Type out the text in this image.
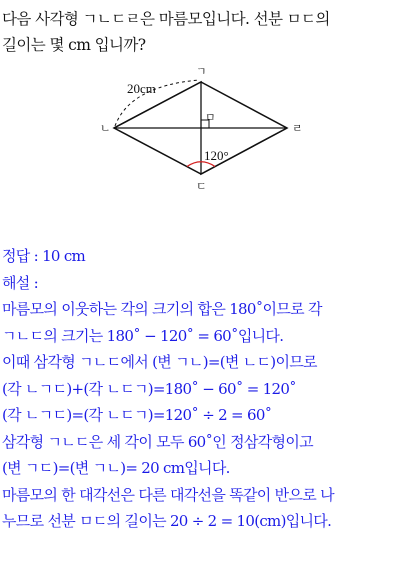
다음 사각형 ㄱㄴㄷㄹ은 마름모입니다. 선분 ㅁㄷ의

길이는 몇 cm 입니까?

ㄱ
ㄴ	ㄹ
ㄷ
ㅁ
20cm
120°

정답 : 10 cm

해설 :

마름모의 이웃하는 각의 크기의 합은 180˚이므로 각

ㄱㄴㄷ의 크기는 180˚ − 120˚ = 60˚입니다.

이때 삼각형 ㄱㄴㄷ에서 (변 ㄱㄴ)=(변 ㄴㄷ)이므로

(각 ㄴㄱㄷ)+(각 ㄴㄷㄱ)=180˚ − 60˚ = 120˚

(각 ㄴㄱㄷ)=(각 ㄴㄷㄱ)=120˚ ÷ 2 = 60˚

삼각형 ㄱㄴㄷ은 세 각이 모두 60˚인 정삼각형이고

(변 ㄱㄷ)=(변 ㄱㄴ)= 20 cm입니다.

마름모의 한 대각선은 다른 대각선을 똑같이 반으로 나

누므로 선분 ㅁㄷ의 길이는 20 ÷ 2 = 10(cm)입니다.
